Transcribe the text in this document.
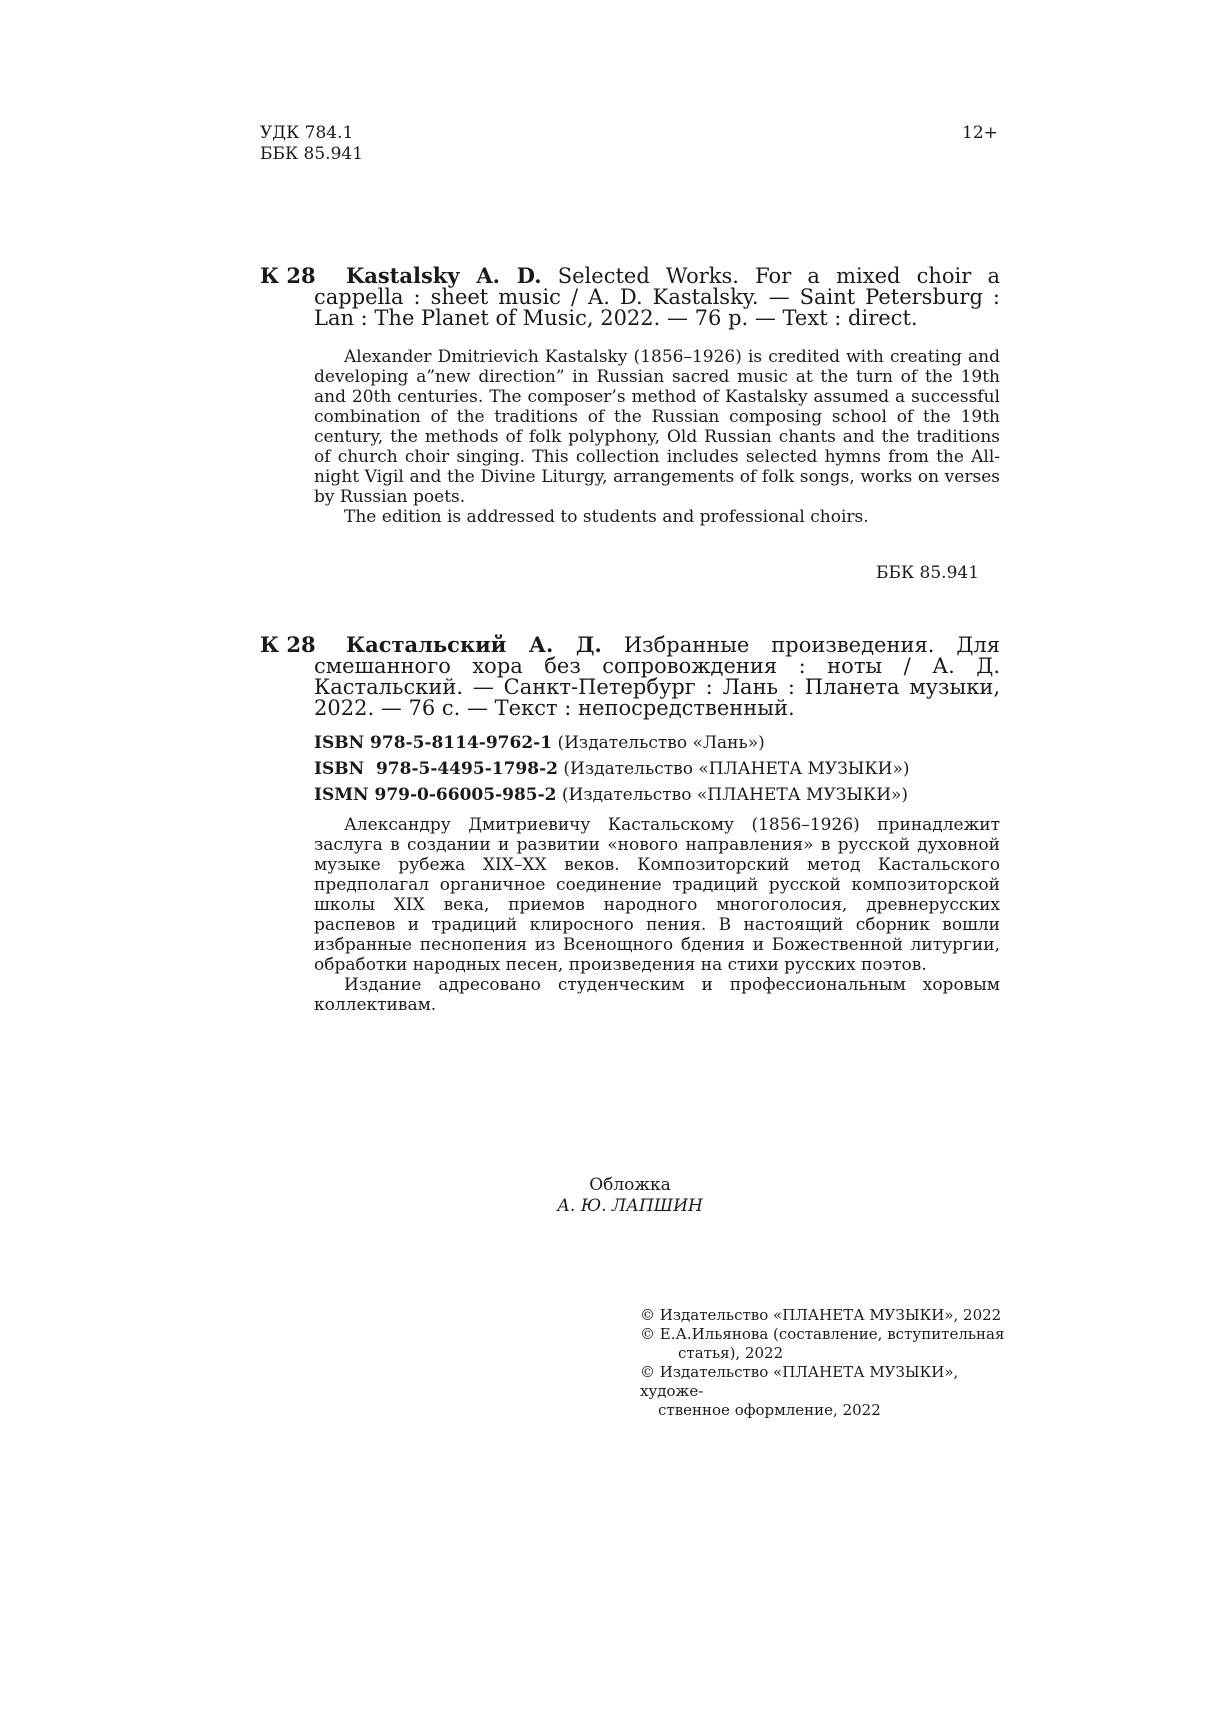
УДК 784.1
ББК 85.941
12+
К 28	Kastalsky A. D. Selected Works. For a mixed choir a cappella : sheet music / A. D. Kastalsky. — Saint Petersburg : Lan : The Planet of Music, 2022. — 76 p. — Text : direct.
Alexander Dmitrievich Kastalsky (1856–1926) is credited with creating and developing a”new direction” in Russian sacred music at the turn of the 19th and 20th centuries. The composer’s method of Kastalsky assumed a successful combination of the traditions of the Russian composing school of the 19th century, the methods of folk polyphony, Old Russian chants and the traditions of church choir singing. This collection includes selected hymns from the All-night Vigil and the Divine Liturgy, arrangements of folk songs, works on verses by Russian poets.
The edition is addressed to students and professional choirs.
ББК 85.941
К 28	Кастальский А. Д. Избранные произведения. Для смешанного хора без сопровождения : ноты / А. Д. Кастальский. — Санкт-Петербург : Лань : Планета музыки, 2022. — 76 с. — Текст : непосредственный.
ISBN 978-5-8114-9762-1 (Издательство «Лань»)
ISBN  978-5-4495-1798-2 (Издательство «ПЛАНЕТА МУЗЫКИ»)
ISMN 979-0-66005-985-2 (Издательство «ПЛАНЕТА МУЗЫКИ»)
Александру Дмитриевичу Кастальскому (1856–1926) принадлежит заслуга в создании и развитии «нового направления» в русской духовной музыке рубежа XIX–XX веков. Композиторский метод Кастальского предполагал органичное соединение традиций русской композиторской школы XIX века, приемов народного многоголосия, древнерусских распевов и традиций клиросного пения. В настоящий сборник вошли избранные песнопения из Всенощного бдения и Божественной литургии, обработки народных песен, произведения на стихи русских поэтов.
Издание адресовано студенческим и профессиональным хоровым коллективам.
Обложка
А. Ю. ЛАПШИН
© Издательство «ПЛАНЕТА МУЗЫКИ», 2022
© Е.А.Ильянова (составление, вступительная
статья), 2022
© Издательство «ПЛАНЕТА МУЗЫКИ», художе-
ственное оформление, 2022
